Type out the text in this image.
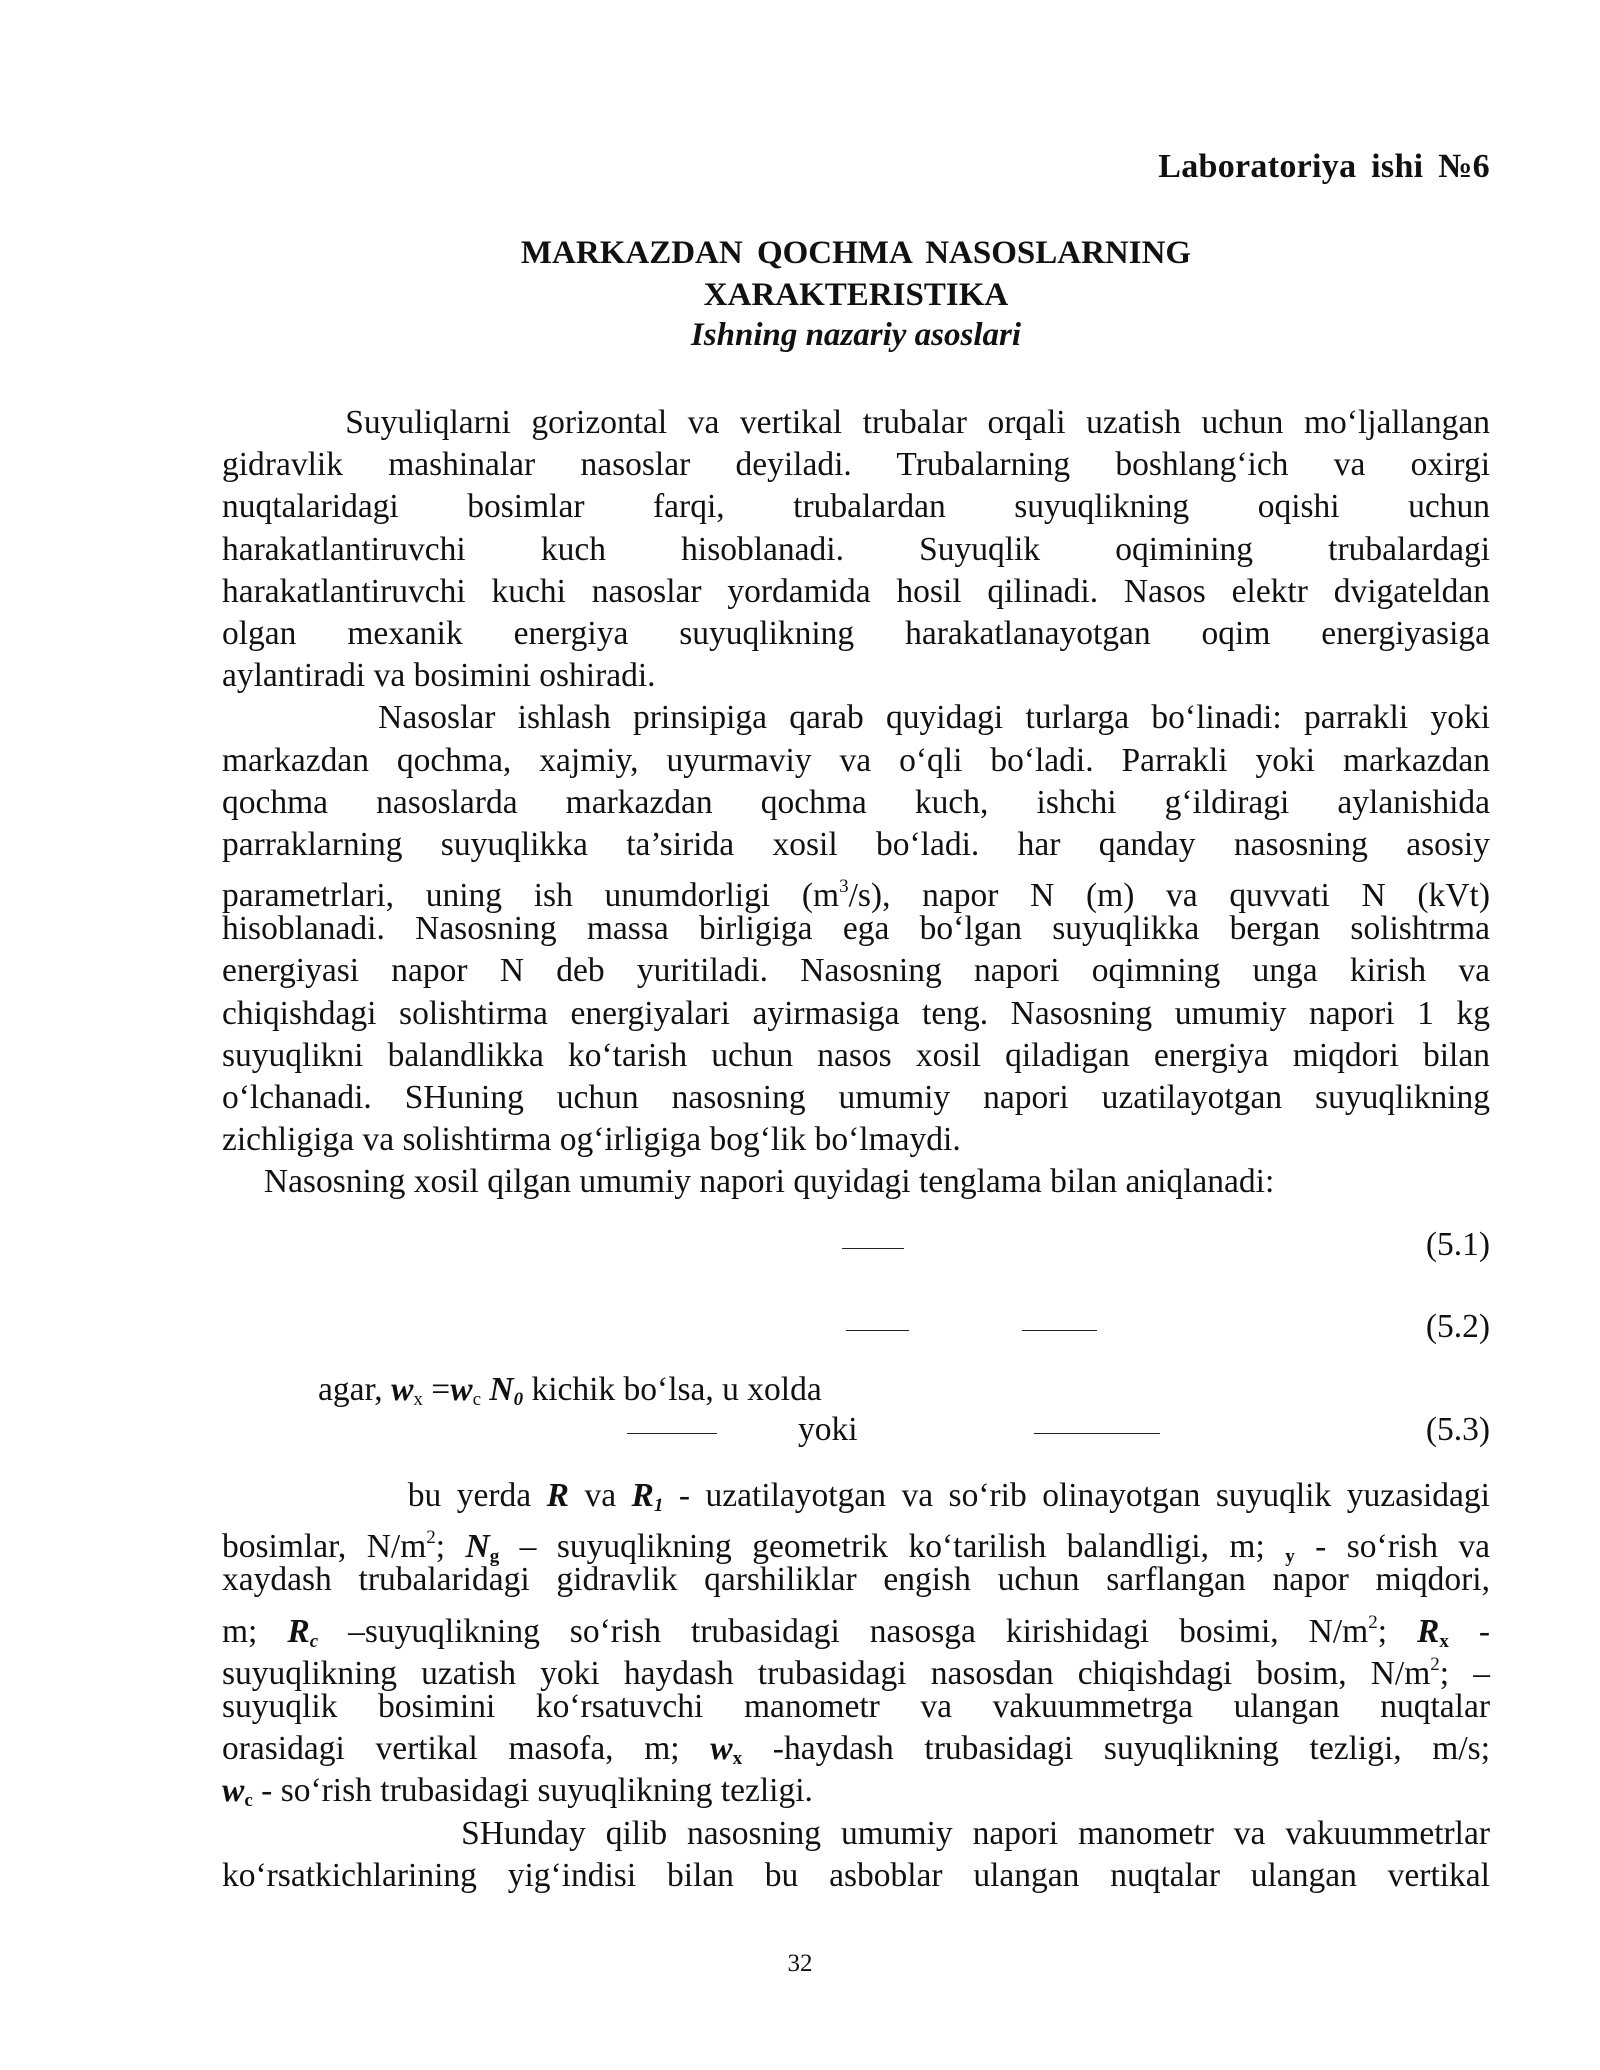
Laboratoriya ishi №6
MARKAZDAN QOCHMA NASOSLARNING
XARAKTERISTIKA
Ishning nazariy asoslari
Suyuliqlarni gorizontal va vertikal trubalar orqali uzatish uchun mo‘ljallangan
gidravlik mashinalar nasoslar deyiladi. Trubalarning boshlang‘ich va oxirgi
nuqtalaridagi bosimlar farqi, trubalardan suyuqlikning oqishi uchun
harakatlantiruvchi kuch hisoblanadi. Suyuqlik oqimining trubalardagi
harakatlantiruvchi kuchi nasoslar yordamida hosil qilinadi. Nasos elektr dvigateldan
olgan mexanik energiya suyuqlikning harakatlanayotgan oqim energiyasiga
aylantiradi va bosimini oshiradi.
Nasoslar ishlash prinsipiga qarab quyidagi turlarga bo‘linadi: parrakli yoki
markazdan qochma, xajmiy, uyurmaviy va o‘qli bo‘ladi. Parrakli yoki markazdan
qochma nasoslarda markazdan qochma kuch, ishchi g‘ildiragi aylanishida
parraklarning suyuqlikka ta’sirida xosil bo‘ladi. har qanday nasosning asosiy
parametrlari, uning ish unumdorligi $(m^3/s)$, napor N (m) va quvvati N (kVt)
hisoblanadi. Nasosning massa birligiga ega bo‘lgan suyuqlikka bergan solishtrma
energiyasi napor N deb yuritiladi. Nasosning napori oqimning unga kirish va
chiqishdagi solishtirma energiyalari ayirmasiga teng. Nasosning umumiy napori 1 kg
suyuqlikni balandlikka ko‘tarish uchun nasos xosil qiladigan energiya miqdori bilan
o‘lchanadi. SHuning uchun nasosning umumiy napori uzatilayotgan suyuqlikning
zichligiga va solishtirma og‘irligiga bog‘lik bo‘lmaydi.
Nasosning xosil qilgan umumiy napori quyidagi tenglama bilan aniqlanadi:
(5.1)
(5.2)
agar, $w_x =w_c$ $N_0$ kichik bo‘lsa, u xolda
yoki	(5.3)
bu yerda R va $R_1$ - uzatilayotgan va so‘rib olinayotgan suyuqlik yuzasidagi
bosimlar, $N/m^2$; $N_g$ – suyuqlikning geometrik ko‘tarilish balandligi, m; $_y$ - so‘rish va
xaydash trubalaridagi gidravlik qarshiliklar engish uchun sarflangan napor miqdori,
m; $R_c$ –suyuqlikning so‘rish trubasidagi nasosga kirishidagi bosimi, $N/m^2$; $R_x$ -
suyuqlikning uzatish yoki haydash trubasidagi nasosdan chiqishdagi bosim, $N/m^2$; –
suyuqlik bosimini ko‘rsatuvchi manometr va vakuummetrga ulangan nuqtalar
orasidagi vertikal masofa, m; $w_x$ -haydash trubasidagi suyuqlikning tezligi, m/s;
$w_c$ - so‘rish trubasidagi suyuqlikning tezligi.
SHunday qilib nasosning umumiy napori manometr va vakuummetrlar
ko‘rsatkichlarining yig‘indisi bilan bu asboblar ulangan nuqtalar ulangan vertikal
32
